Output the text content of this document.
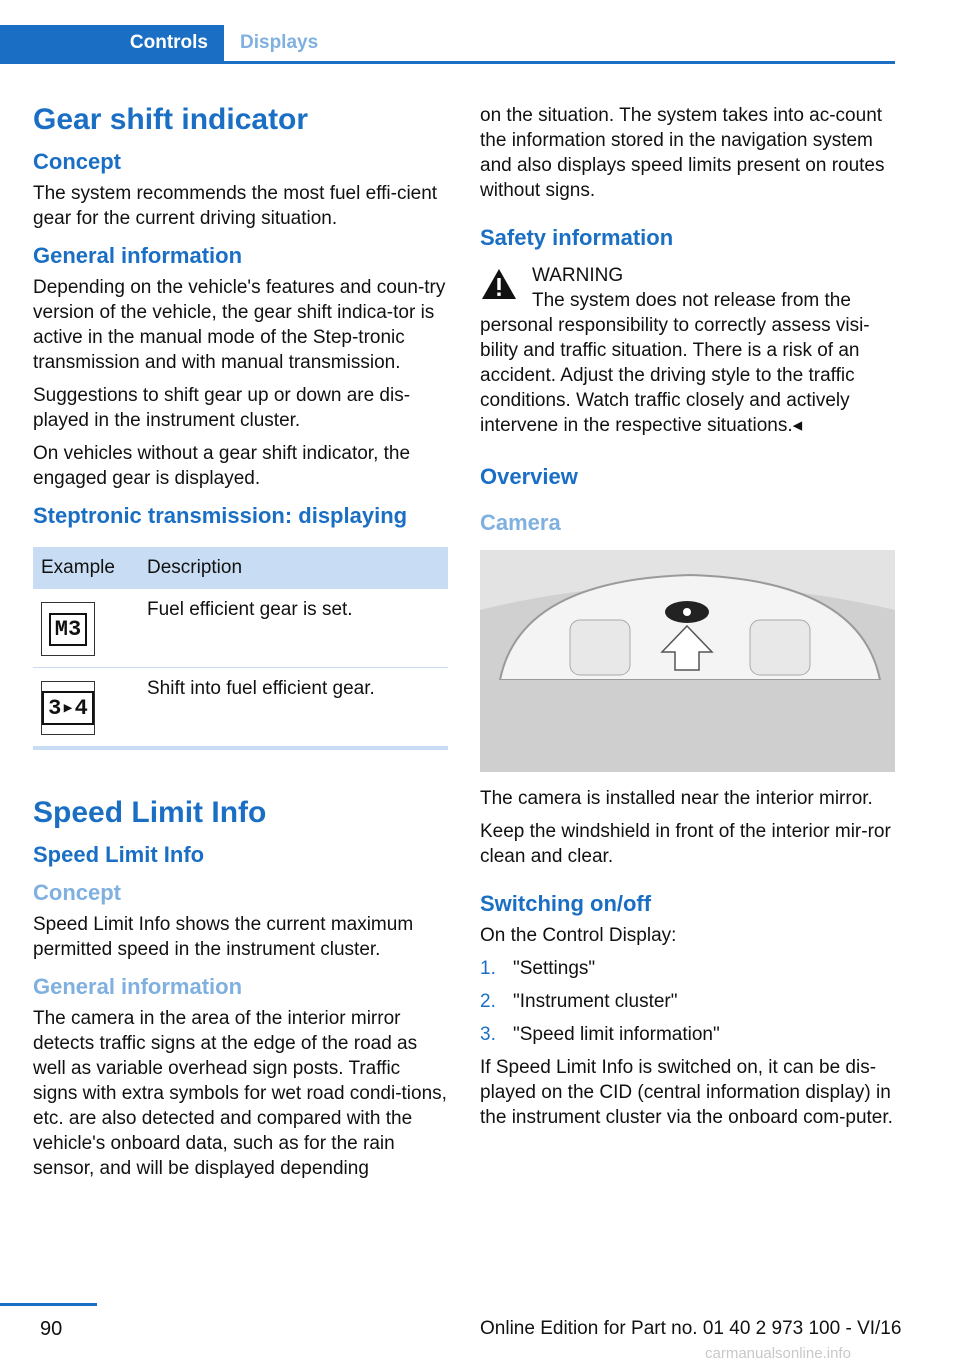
Controls	Displays
Gear shift indicator
Concept

The system recommends the most fuel effi-cient gear for the current driving situation.

General information

Depending on the vehicle's features and coun-try version of the vehicle, the gear shift indica-tor is active in the manual mode of the Step-tronic transmission and with manual transmission.

Suggestions to shift gear up or down are dis-played in the instrument cluster.

On vehicles without a gear shift indicator, the engaged gear is displayed.

Steptronic transmission: displaying
Example	Description

M3	Fuel efficient gear is set.

3▸4	Shift into fuel efficient gear.
Speed Limit Info
Speed Limit Info
Concept

Speed Limit Info shows the current maximum permitted speed in the instrument cluster.

General information

The camera in the area of the interior mirror detects traffic signs at the edge of the road as well as variable overhead sign posts. Traffic signs with extra symbols for wet road condi-tions, etc. are also detected and compared with the vehicle's onboard data, such as for the rain sensor, and will be displayed depending

on the situation. The system takes into ac-count the information stored in the navigation system and also displays speed limits present on routes without signs.

Safety information
WARNING

The system does not release from the personal responsibility to correctly assess visi-bility and traffic situation. There is a risk of an accident. Adjust the driving style to the traffic conditions. Watch traffic closely and actively intervene in the respective situations.◂

Overview
Camera

The camera is installed near the interior mirror.

Keep the windshield in front of the interior mir-ror clean and clear.

Switching on/off

On the Control Display:

1. "Settings"
2. "Instrument cluster"
3. "Speed limit information"

If Speed Limit Info is switched on, it can be dis-played on the CID (central information display) in the instrument cluster via the onboard com-puter.

90	Online Edition for Part no. 01 40 2 973 100 - VI/16
carmanualsonline.info
